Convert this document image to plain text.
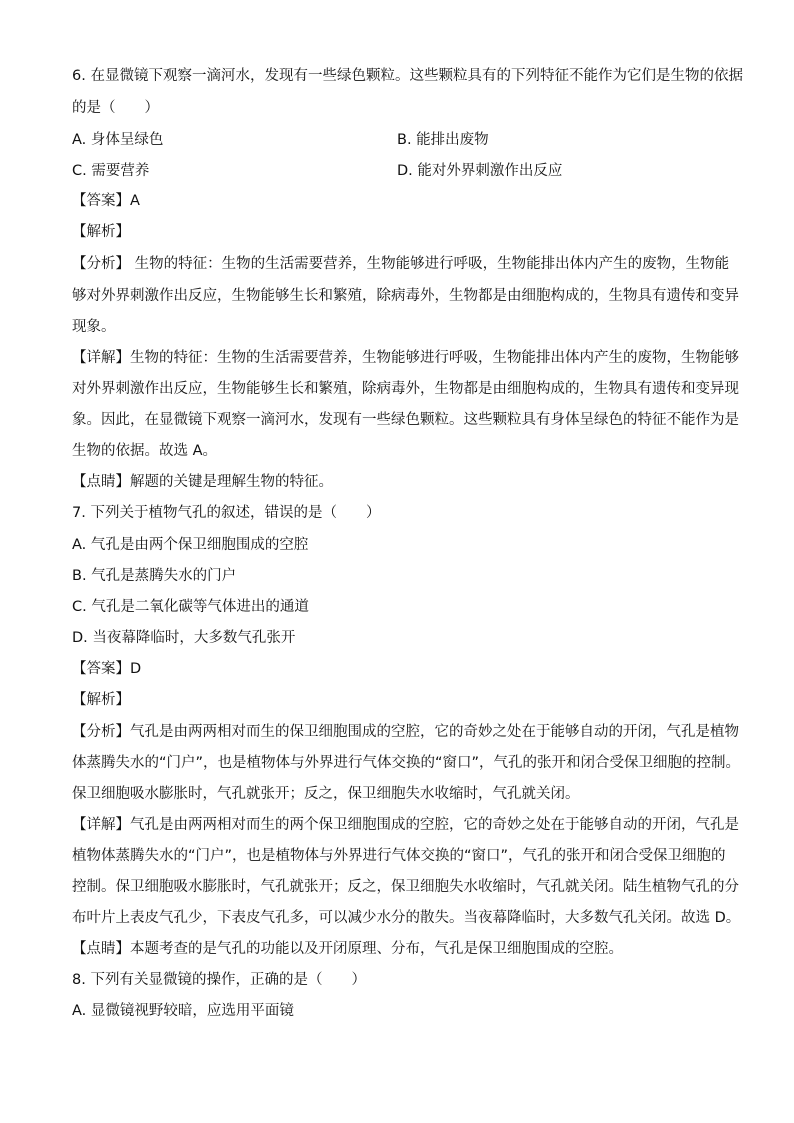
6. 在显微镜下观察一滴河水，发现有一些绿色颗粒。这些颗粒具有的下列特征不能作为它们是生物的依据
的是（　　）
A. 身体呈绿色	B. 能排出废物
C. 需要营养	D. 能对外界刺激作出反应
【答案】A
【解析】
【分析】 生物的特征：生物的生活需要营养，生物能够进行呼吸，生物能排出体内产生的废物，生物能
够对外界刺激作出反应，生物能够生长和繁殖，除病毒外，生物都是由细胞构成的，生物具有遗传和变异
现象。
【详解】生物的特征：生物的生活需要营养，生物能够进行呼吸，生物能排出体内产生的废物，生物能够
对外界刺激作出反应，生物能够生长和繁殖，除病毒外，生物都是由细胞构成的，生物具有遗传和变异现
象。因此，在显微镜下观察一滴河水，发现有一些绿色颗粒。这些颗粒具有身体呈绿色的特征不能作为是
生物的依据。故选 A。
【点睛】解题的关键是理解生物的特征。
7. 下列关于植物气孔的叙述，错误的是（　　）
A. 气孔是由两个保卫细胞围成的空腔
B. 气孔是蒸腾失水的门户
C. 气孔是二氧化碳等气体进出的通道
D. 当夜幕降临时，大多数气孔张开
【答案】D
【解析】
【分析】气孔是由两两相对而生的保卫细胞围成的空腔，它的奇妙之处在于能够自动的开闭，气孔是植物
体蒸腾失水的“门户”，也是植物体与外界进行气体交换的“窗口”，气孔的张开和闭合受保卫细胞的控制。
保卫细胞吸水膨胀时，气孔就张开；反之，保卫细胞失水收缩时，气孔就关闭。
【详解】气孔是由两两相对而生的两个保卫细胞围成的空腔，它的奇妙之处在于能够自动的开闭，气孔是
植物体蒸腾失水的“门户”，也是植物体与外界进行气体交换的“窗口”，气孔的张开和闭合受保卫细胞的
控制。保卫细胞吸水膨胀时，气孔就张开；反之，保卫细胞失水收缩时，气孔就关闭。陆生植物气孔的分
布叶片上表皮气孔少，下表皮气孔多，可以减少水分的散失。当夜幕降临时，大多数气孔关闭。故选 D。
【点睛】本题考查的是气孔的功能以及开闭原理、分布，气孔是保卫细胞围成的空腔。
8. 下列有关显微镜的操作，正确的是（　　）
A. 显微镜视野较暗，应选用平面镜
